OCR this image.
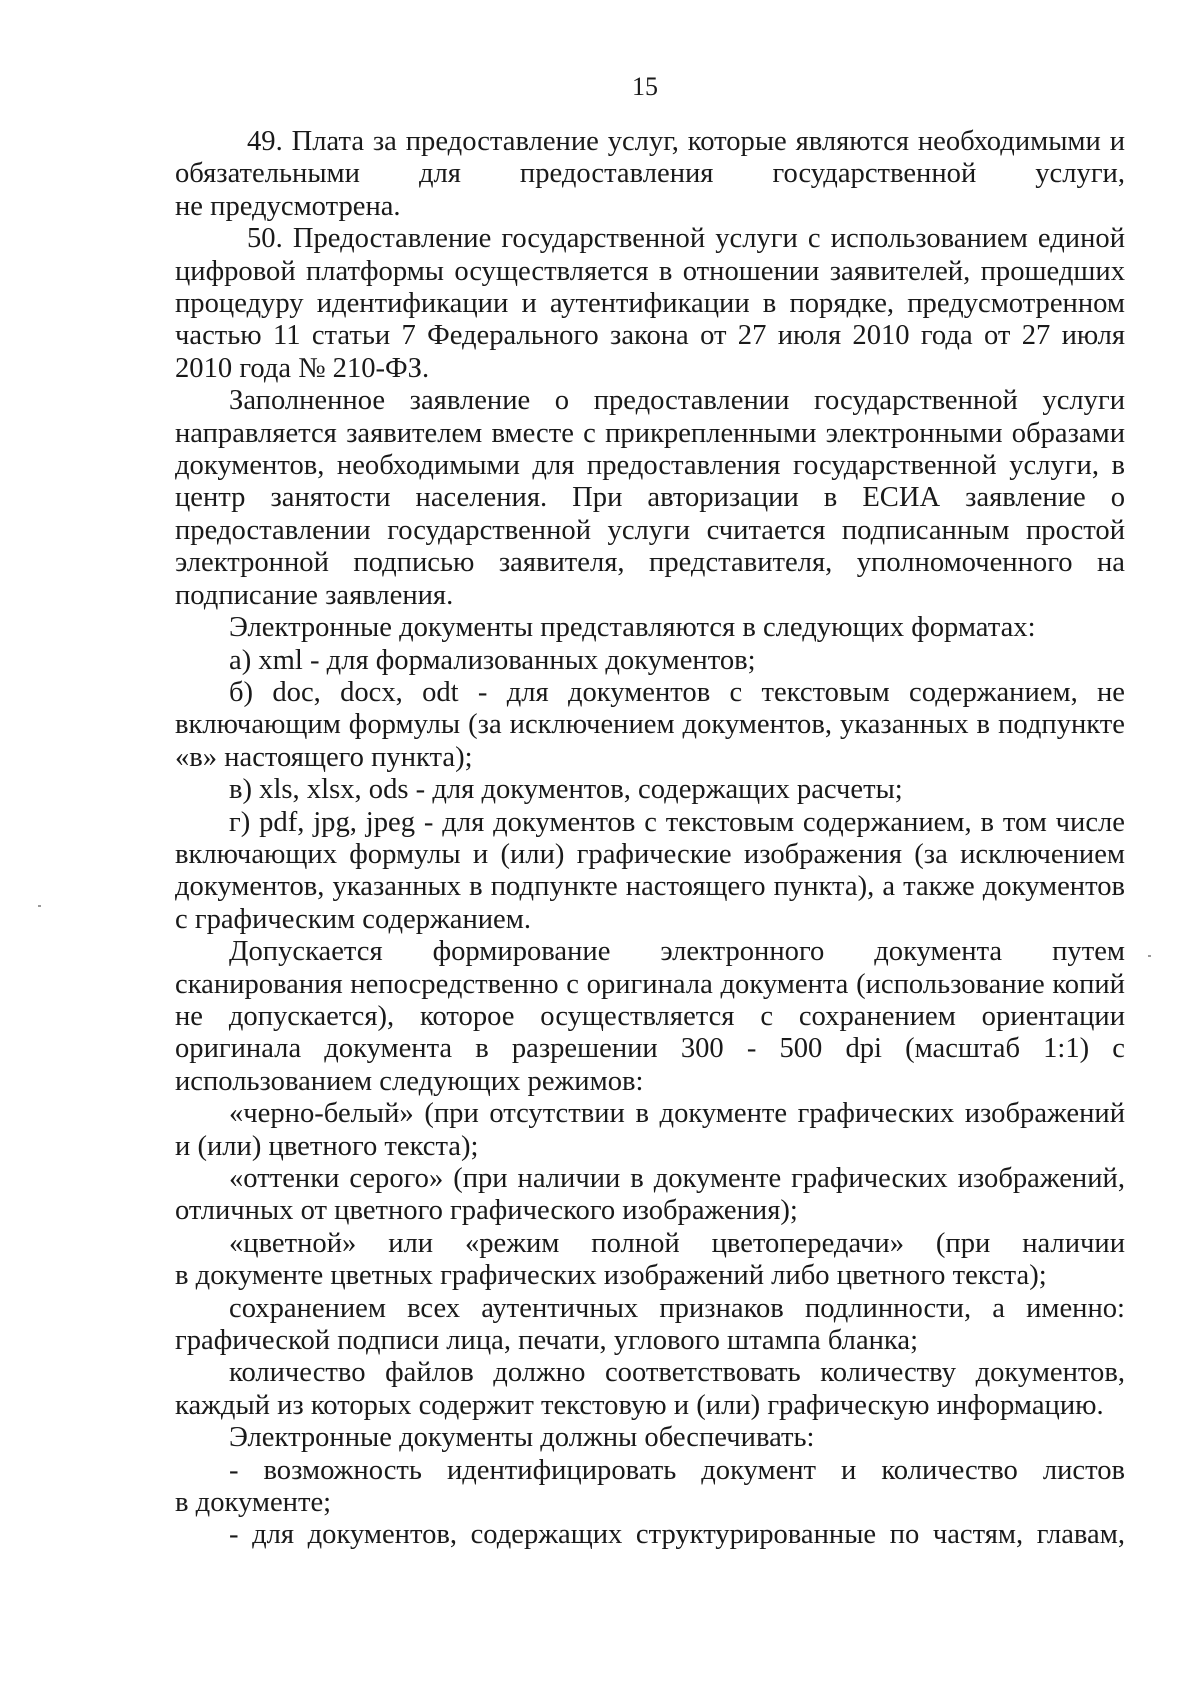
15

49. Плата за предоставление услуг, которые являются необходимыми и обязательными для предоставления государственной услуги,

не предусмотрена.

50. Предоставление государственной услуги с использованием единой цифровой платформы осуществляется в отношении заявителей, прошедших процедуру идентификации и аутентификации в порядке, предусмотренном частью 11 статьи 7 Федерального закона от 27 июля 2010 года от 27 июля 2010 года № 210-ФЗ.

Заполненное заявление о предоставлении государственной услуги направляется заявителем вместе с прикрепленными электронными образами документов, необходимыми для предоставления государственной услуги, в центр занятости населения. При авторизации в ЕСИА заявление о предоставлении государственной услуги считается подписанным простой электронной подписью заявителя, представителя, уполномоченного на подписание заявления.

Электронные документы представляются в следующих форматах:

а) xml - для формализованных документов;

б) doc, docx, odt - для документов с текстовым содержанием, не включающим формулы (за исключением документов, указанных в подпункте «в» настоящего пункта);

в) xls, xlsx, ods - для документов, содержащих расчеты;

г) pdf, jpg, jpeg - для документов с текстовым содержанием, в том числе включающих формулы и (или) графические изображения (за исключением документов, указанных в подпункте настоящего пункта), а также документов с графическим содержанием.

Допускается формирование электронного документа путем сканирования непосредственно с оригинала документа (использование копий не допускается), которое осуществляется с сохранением ориентации оригинала документа в разрешении 300 - 500 dpi (масштаб 1:1) с использованием следующих режимов:

«черно-белый» (при отсутствии в документе графических изображений и (или) цветного текста);

«оттенки серого» (при наличии в документе графических изображений, отличных от цветного графического изображения);

«цветной» или «режим полной цветопередачи» (при наличии

в документе цветных графических изображений либо цветного текста);

сохранением всех аутентичных признаков подлинности, а именно: графической подписи лица, печати, углового штампа бланка;

количество файлов должно соответствовать количеству документов, каждый из которых содержит текстовую и (или) графическую информацию.

Электронные документы должны обеспечивать:

- возможность идентифицировать документ и количество листов

в документе;

- для документов, содержащих структурированные по частям, главам,
